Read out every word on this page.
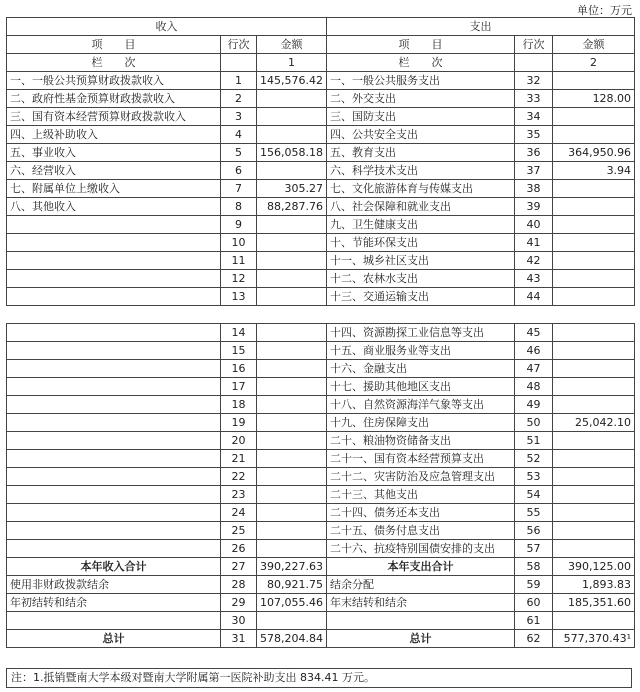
单位：万元
收入			支出		
项　　目	行次	金额	项　　目	行次	金额
栏　　次		1	栏　　次		2
一、一般公共预算财政拨款收入	1	145,576.42	一、一般公共服务支出	32	
二、政府性基金预算财政拨款收入	2		二、外交支出	33	128.00
三、国有资本经营预算财政拨款收入	3		三、国防支出	34	
四、上级补助收入	4		四、公共安全支出	35	
五、事业收入	5	156,058.18	五、教育支出	36	364,950.96
六、经营收入	6		六、科学技术支出	37	3.94
七、附属单位上缴收入	7	305.27	七、文化旅游体育与传媒支出	38	
八、其他收入	8	88,287.76	八、社会保障和就业支出	39	
	9		九、卫生健康支出	40	
	10		十、节能环保支出	41	
	11		十一、城乡社区支出	42	
	12		十二、农林水支出	43	
	13		十三、交通运输支出	44	
	14		十四、资源勘探工业信息等支出	45	
	15		十五、商业服务业等支出	46	
	16		十六、金融支出	47	
	17		十七、援助其他地区支出	48	
	18		十八、自然资源海洋气象等支出	49	
	19		十九、住房保障支出	50	25,042.10
	20		二十、粮油物资储备支出	51	
	21		二十一、国有资本经营预算支出	52	
	22		二十二、灾害防治及应急管理支出	53	
	23		二十三、其他支出	54	
	24		二十四、债务还本支出	55	
	25		二十五、债务付息支出	56	
	26		二十六、抗疫特别国债安排的支出	57	
本年收入合计	27	390,227.63	本年支出合计	58	390,125.00
使用非财政拨款结余	28	80,921.75	结余分配	59	1,893.83
年初结转和结余	29	107,055.46	年末结转和结余	60	185,351.60
	30			61	
总计	31	578,204.84	总计	62	577,370.43¹
注：1.抵销暨南大学本级对暨南大学附属第一医院补助支出 834.41 万元。
